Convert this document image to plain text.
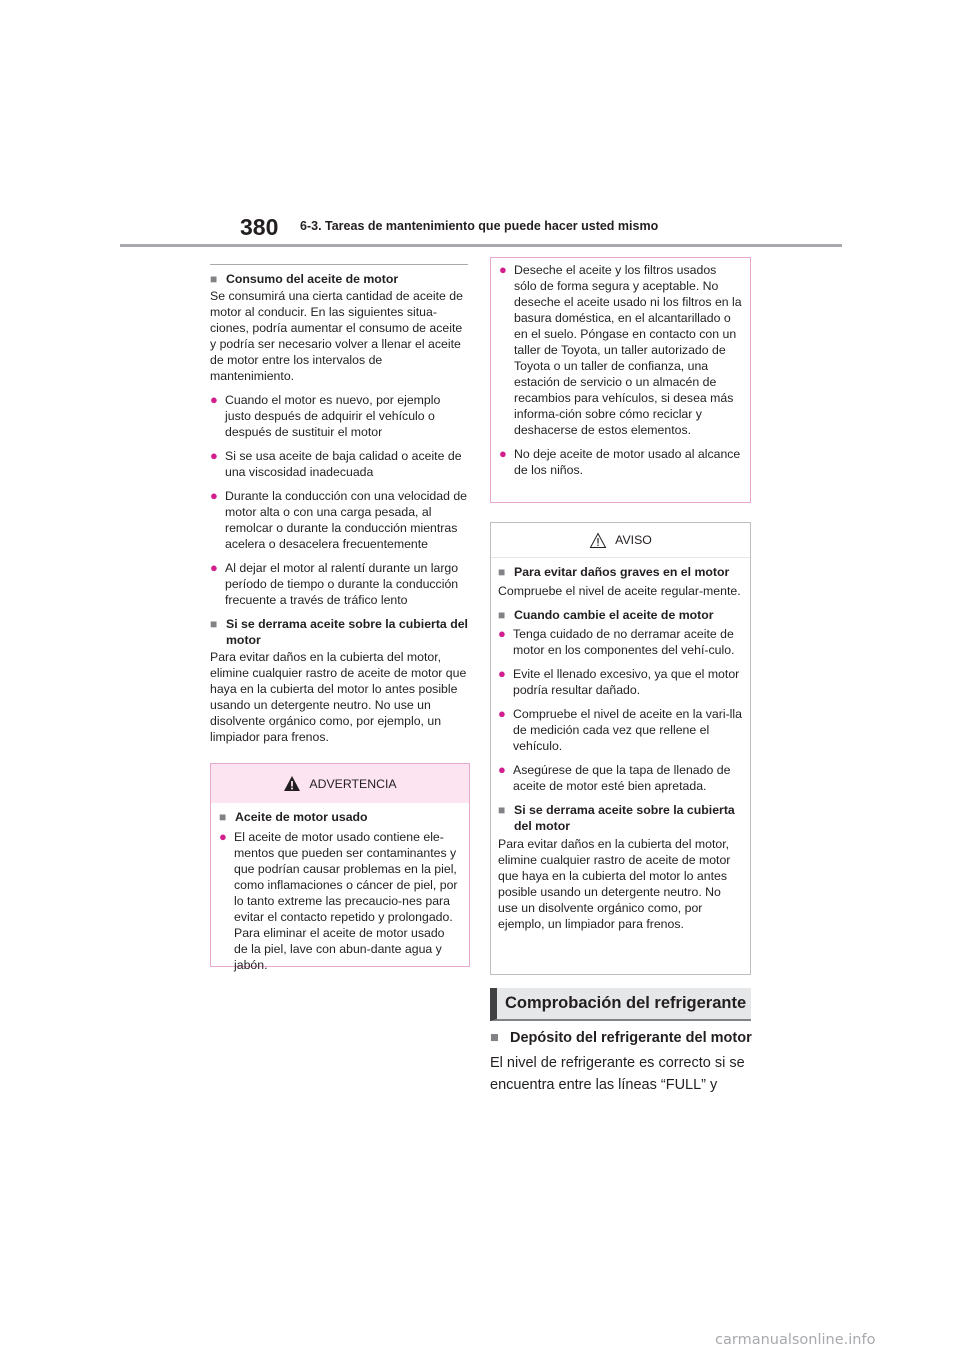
380 6-3. Tareas de mantenimiento que puede hacer usted mismo
■ Consumo del aceite de motor

Se consumirá una cierta cantidad de aceite de motor al conducir. En las siguientes situa-ciones, podría aumentar el consumo de aceite y podría ser necesario volver a llenar el aceite de motor entre los intervalos de mantenimiento.

● Cuando el motor es nuevo, por ejemplo justo después de adquirir el vehículo o después de sustituir el motor
● Si se usa aceite de baja calidad o aceite de una viscosidad inadecuada
● Durante la conducción con una velocidad de motor alta o con una carga pesada, al remolcar o durante la conducción mientras acelera o desacelera frecuentemente
● Al dejar el motor al ralentí durante un largo período de tiempo o durante la conducción frecuente a través de tráfico lento
■ Si se derrama aceite sobre la cubierta del motor

Para evitar daños en la cubierta del motor, elimine cualquier rastro de aceite de motor que haya en la cubierta del motor lo antes posible usando un detergente neutro. No use un disolvente orgánico como, por ejemplo, un limpiador para frenos.

ADVERTENCIA
■ Aceite de motor usado
● El aceite de motor usado contiene ele-mentos que pueden ser contaminantes y que podrían causar problemas en la piel, como inflamaciones o cáncer de piel, por lo tanto extreme las precaucio-nes para evitar el contacto repetido y prolongado. Para eliminar el aceite de motor usado de la piel, lave con abun-dante agua y jabón.
● Deseche el aceite y los filtros usados sólo de forma segura y aceptable. No deseche el aceite usado ni los filtros en la basura doméstica, en el alcantarillado o en el suelo. Póngase en contacto con un taller de Toyota, un taller autorizado de Toyota o un taller de confianza, una estación de servicio o un almacén de recambios para vehículos, si desea más informa-ción sobre cómo reciclar y deshacerse de estos elementos.
● No deje aceite de motor usado al alcance de los niños.
AVISO
■ Para evitar daños graves en el motor

Compruebe el nivel de aceite regular-mente.

■ Cuando cambie el aceite de motor
● Tenga cuidado de no derramar aceite de motor en los componentes del vehí-culo.
● Evite el llenado excesivo, ya que el motor podría resultar dañado.
● Compruebe el nivel de aceite en la vari-lla de medición cada vez que rellene el vehículo.
● Asegúrese de que la tapa de llenado de aceite de motor esté bien apretada.
■ Si se derrama aceite sobre la cubierta del motor

Para evitar daños en la cubierta del motor, elimine cualquier rastro de aceite de motor que haya en la cubierta del motor lo antes posible usando un detergente neutro. No use un disolvente orgánico como, por ejemplo, un limpiador para frenos.

Comprobación del refrigerante
■ Depósito del refrigerante del motor

El nivel de refrigerante es correcto si se encuentra entre las líneas “FULL” y

carmanualsonline.info
